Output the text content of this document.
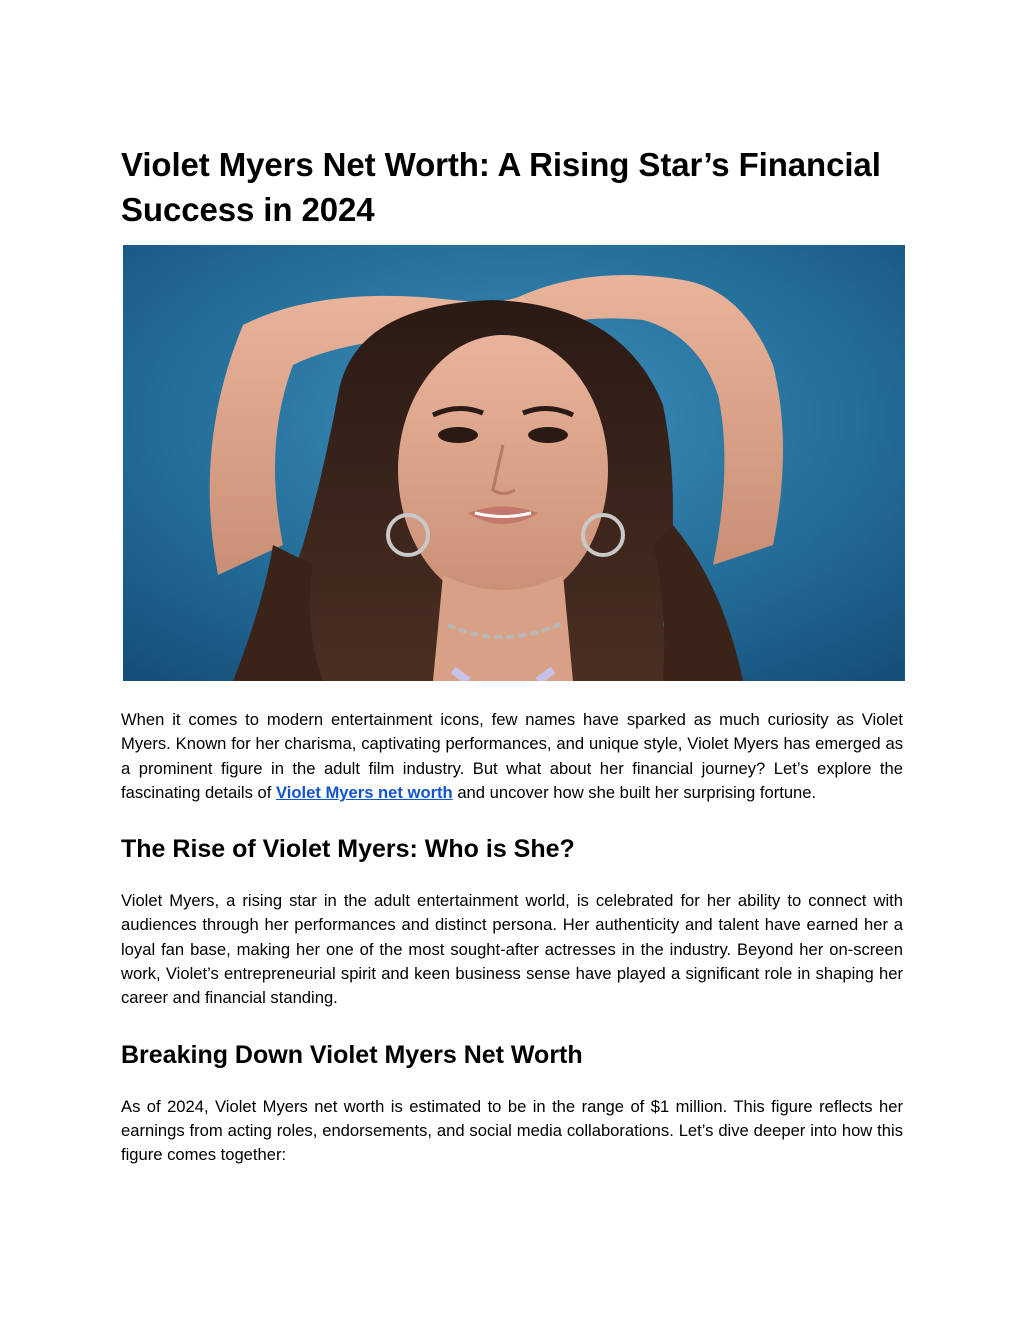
Violet Myers Net Worth: A Rising Star’s Financial Success in 2024

When it comes to modern entertainment icons, few names have sparked as much curiosity as Violet Myers. Known for her charisma, captivating performances, and unique style, Violet Myers has emerged as a prominent figure in the adult film industry. But what about her financial journey? Let’s explore the fascinating details of Violet Myers net worth and uncover how she built her surprising fortune.

The Rise of Violet Myers: Who is She?

Violet Myers, a rising star in the adult entertainment world, is celebrated for her ability to connect with audiences through her performances and distinct persona. Her authenticity and talent have earned her a loyal fan base, making her one of the most sought-after actresses in the industry. Beyond her on-screen work, Violet’s entrepreneurial spirit and keen business sense have played a significant role in shaping her career and financial standing.

Breaking Down Violet Myers Net Worth

As of 2024, Violet Myers net worth is estimated to be in the range of $1 million. This figure reflects her earnings from acting roles, endorsements, and social media collaborations. Let’s dive deeper into how this figure comes together:
